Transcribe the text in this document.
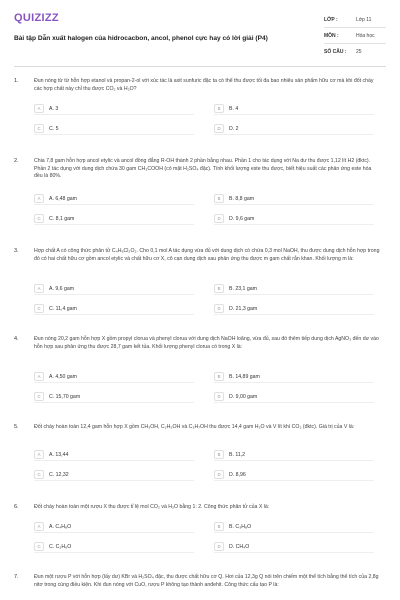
QUIZIZZ
Bài tập Dẫn xuất halogen của hidrocacbon, ancol, phenol cực hay có lời giải (P4)
LỚP :	Lớp 11
MÔN :	Hóa học
SỐ CÂU :	25
1.	Đun nóng từ từ hỗn hợp etanol và propan-2-ol với xúc tác là axit sunfuric đặc ta có thể thu được tối đa bao nhiêu sản phẩm hữu cơ mà khi đốt cháy các hợp chất này chỉ thu được CO₂ và H₂O?
A	A. 3	B	B. 4
C	C. 5	D	D. 2
2.	Chia 7,8 gam hỗn hợp ancol etylic và ancol đồng đẳng R-OH thành 2 phần bằng nhau. Phần 1 cho tác dụng với Na dư thu được 1,12 lít H2 (đktc). Phần 2 tác dụng với dung dịch chứa 30 gam CH₃COOH (có mặt H₂SO₄ đặc). Tính khối lượng este thu được, biết hiệu suất các phản ứng este hóa đều là 80%.
A	A. 6,48 gam	B	B. 8,8 gam
C	C. 8,1 gam	D	D. 9,6 gam
3.	Hợp chất A có công thức phân tử C₄H₆Cl₂O₂. Cho 0,1 mol A tác dụng vừa đủ với dung dịch có chứa 0,3 mol NaOH, thu được dung dịch hỗn hợp trong đó có hai chất hữu cơ gồm ancol etylic và chất hữu cơ X, cô cạn dung dịch sau phản ứng thu được m gam chất rắn khan. Khối lượng m là:
A	A. 9,6 gam	B	B. 23,1 gam
C	C. 11,4 gam	D	D. 21,3 gam
4.	Đun nóng 20,2 gam hỗn hợp X gồm propyl clorua và phenyl clorua với dung dịch NaOH loãng, vừa đủ, sau đó thêm tiếp dung dịch AgNO₃ đến dư vào hỗn hợp sau phản ứng thu được 28,7 gam kết tủa. Khối lượng phenyl clorua có trong X là:
A	A. 4,50 gam	B	B. 14,89 gam
C	C. 15,70 gam	D	D. 9,00 gam
5.	Đốt cháy hoàn toàn 12,4 gam hỗn hợp X gồm CH₃OH, C₂H₅OH và C₃H₇OH thu được 14,4 gam H₂O và V lít khí CO₂ (đktc). Giá trị của V là:
A	A. 13,44	B	B. 11,2
C	C. 12,32	D	D. 8,96
6.	Đốt cháy hoàn toàn một rượu X thu được tỉ lệ mol CO₂ và H₂O bằng 1: 2. Công thức phân tử của X là:
A	A. C₄H₈O	B	B. C₃H₈O
C	C. C₂H₆O	D	D. CH₄O
7.	Đun một rượu P với hỗn hợp (lấy dư) KBr và H₂SO₄ đặc, thu được chất hữu cơ Q. Hơi của 12,3g Q nói trên chiếm một thể tích bằng thể tích của 2,8g nitơ trong cùng điều kiện. Khi đun nóng với CuO, rượu P không tạo thành anđehit. Công thức cấu tạo P là:
